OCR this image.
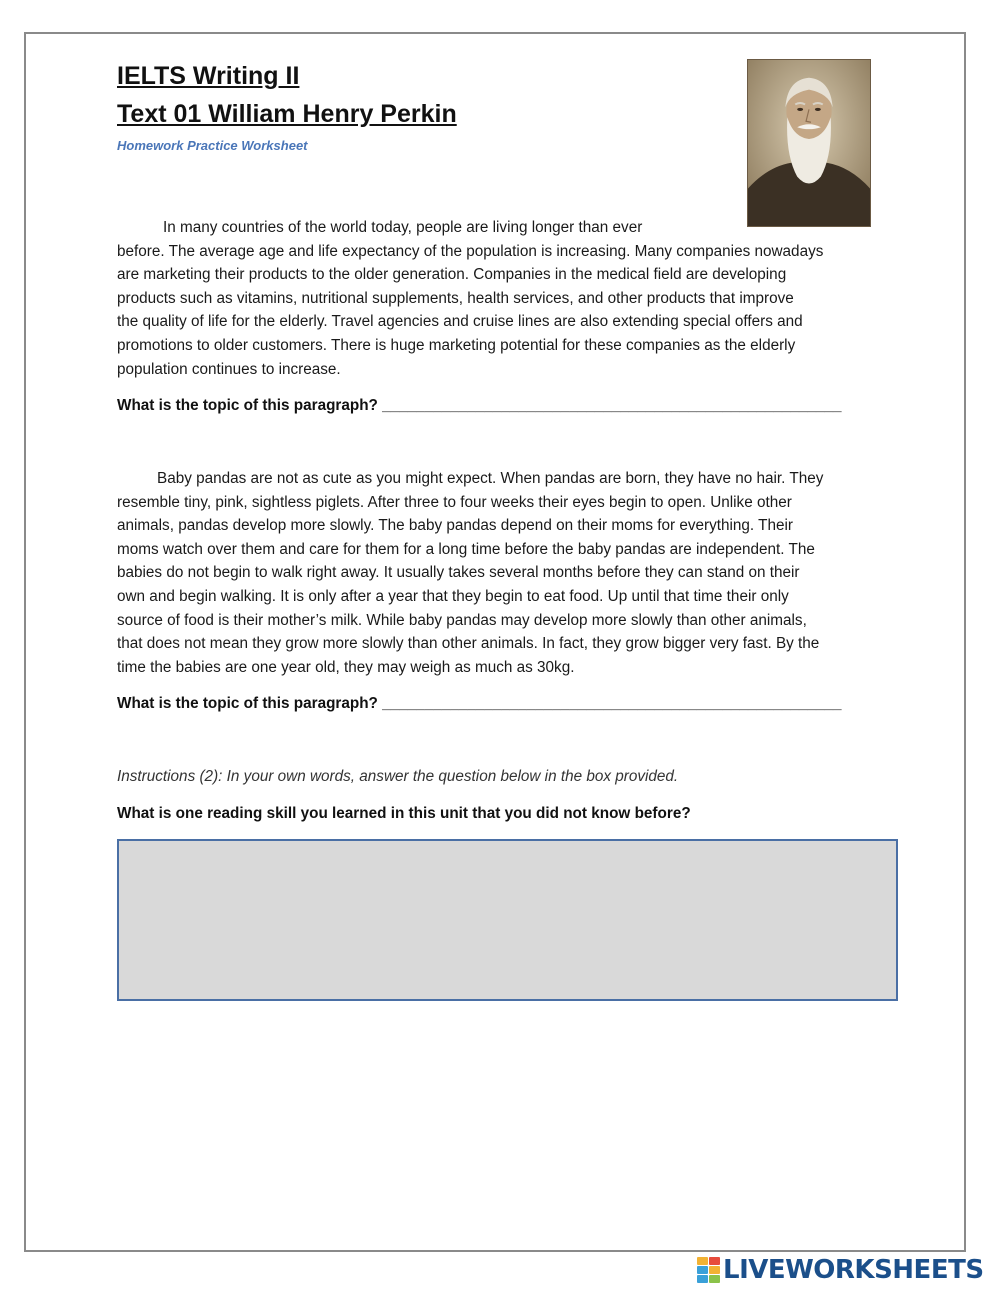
IELTS Writing II
Text 01 William Henry Perkin
Homework Practice Worksheet
In many countries of the world today, people are living longer than ever
before. The average age and life expectancy of the population is increasing. Many companies nowadays
are marketing their products to the older generation. Companies in the medical field are developing
products such as vitamins, nutritional supplements, health services, and other products that improve
the quality of life for the elderly. Travel agencies and cruise lines are also extending special offers and
promotions to older customers. There is huge marketing potential for these companies as the elderly
population continues to increase.
What is the topic of this paragraph? ______________________________________________________
Baby pandas are not as cute as you might expect. When pandas are born, they have no hair. They
resemble tiny, pink, sightless piglets. After three to four weeks their eyes begin to open. Unlike other
animals, pandas develop more slowly. The baby pandas depend on their moms for everything. Their
moms watch over them and care for them for a long time before the baby pandas are independent. The
babies do not begin to walk right away. It usually takes several months before they can stand on their
own and begin walking. It is only after a year that they begin to eat food. Up until that time their only
source of food is their mother’s milk. While baby pandas may develop more slowly than other animals,
that does not mean they grow more slowly than other animals. In fact, they grow bigger very fast. By the
time the babies are one year old, they may weigh as much as 30kg.
What is the topic of this paragraph? ______________________________________________________
Instructions (2): In your own words, answer the question below in the box provided.
What is one reading skill you learned in this unit that you did not know before?
LIVEWORKSHEETS
